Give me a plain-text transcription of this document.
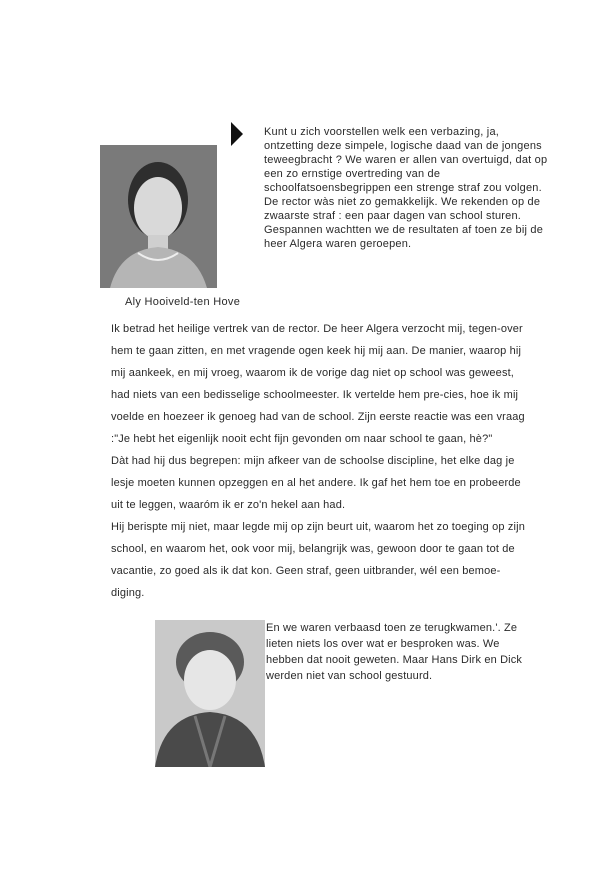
Kunt u zich voorstellen welk een verbazing, ja, ontzetting deze simpele, logische daad van de jongens teweegbracht ? We waren er allen van overtuigd, dat op een zo ernstige overtreding van de schoolfatsoensbegrippen een strenge straf zou volgen.

De rector wàs niet zo gemakkelijk. We rekenden op de zwaarste straf : een paar dagen van school sturen.

Gespannen wachtten we de resultaten af toen ze bij de heer Algera waren geroepen.

Aly Hooiveld-ten Hove

Ik betrad het heilige vertrek van de rector. De heer Algera verzocht mij, tegen-over hem te gaan zitten, en met vragende ogen keek hij mij aan. De manier, waarop hij mij aankeek, en mij vroeg, waarom ik de vorige dag niet op school was geweest, had niets van een bedisselige schoolmeester. Ik vertelde hem pre-cies, hoe ik mij voelde en hoezeer ik genoeg had van de school. Zijn eerste reactie was een vraag :"Je hebt het eigenlijk nooit echt fijn gevonden om naar school te gaan, hè?"

Dàt had hij dus begrepen: mijn afkeer van de schoolse discipline, het elke dag je lesje moeten kunnen opzeggen en al het andere. Ik gaf het hem toe en probeerde uit te leggen, waaróm ik er zo'n hekel aan had.

Hij berispte mij niet, maar legde mij op zijn beurt uit, waarom het zo toeging op zijn school, en waarom het, ook voor mij, belangrijk was, gewoon door te gaan tot de vacantie, zo goed als ik dat kon. Geen straf, geen uitbrander, wél een bemoe-diging.

En we waren verbaasd toen ze terugkwamen.'. Ze lieten niets los over wat er besproken was. We hebben dat nooit geweten. Maar Hans Dirk en Dick werden niet van school gestuurd.
